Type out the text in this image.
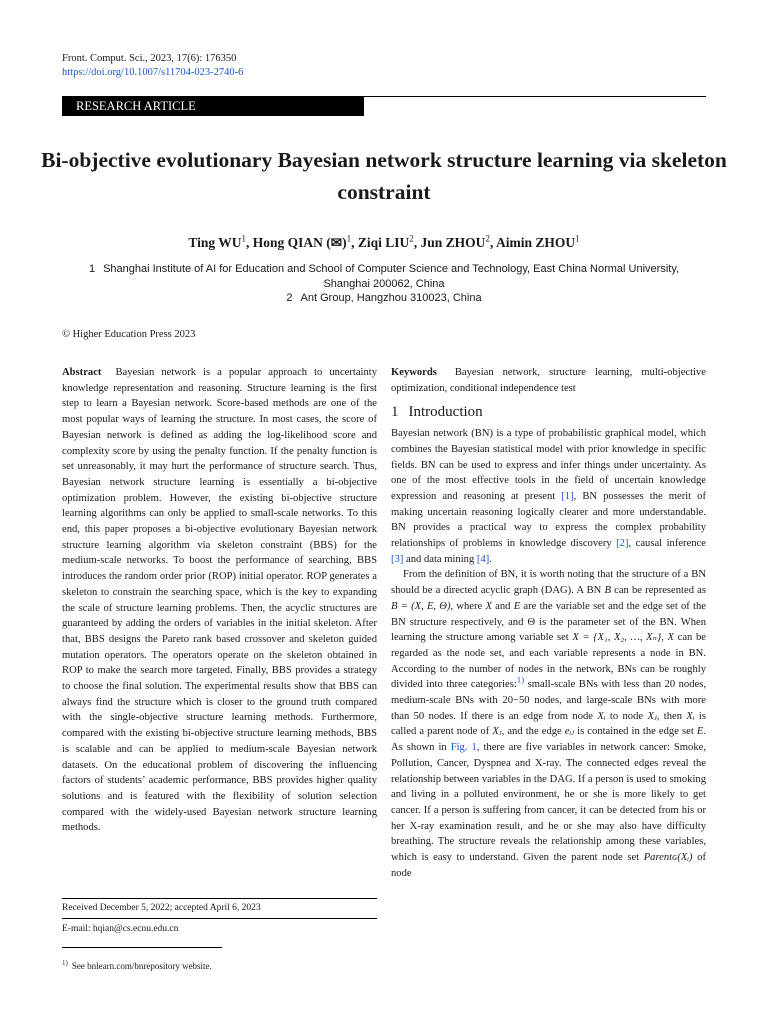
Front. Comput. Sci., 2023, 17(6): 176350
https://doi.org/10.1007/s11704-023-2740-6
RESEARCH ARTICLE
Bi-objective evolutionary Bayesian network structure learning via skeleton constraint
Ting $WU^1$, Hong QIAN (✉)$^1$, Ziqi LIU$^2$, Jun ZHOU$^2$, Aimin ZHOU$^1$
1 Shanghai Institute of AI for Education and School of Computer Science and Technology, East China Normal University,
Shanghai 200062, China
2 Ant Group, Hangzhou 310023, China
© Higher Education Press 2023

Abstract Bayesian network is a popular approach to uncertainty knowledge representation and reasoning. Structure learning is the first step to learn a Bayesian network. Score-based methods are one of the most popular ways of learning the structure. In most cases, the score of Bayesian network is defined as adding the log-likelihood score and complexity score by using the penalty function. If the penalty function is set unreasonably, it may hurt the performance of structure search. Thus, Bayesian network structure learning is essentially a bi-objective optimization problem. However, the existing bi-objective structure learning algorithms can only be applied to small-scale networks. To this end, this paper proposes a bi-objective evolutionary Bayesian network structure learning algorithm via skeleton constraint (BBS) for the medium-scale networks. To boost the performance of searching, BBS introduces the random order prior (ROP) initial operator. ROP generates a skeleton to constrain the searching space, which is the key to expanding the scale of structure learning problems. Then, the acyclic structures are guaranteed by adding the orders of variables in the initial skeleton. After that, BBS designs the Pareto rank based crossover and skeleton guided mutation operators. The operators operate on the skeleton obtained in ROP to make the search more targeted. Finally, BBS provides a strategy to choose the final solution. The experimental results show that BBS can always find the structure which is closer to the ground truth compared with the single-objective structure learning methods. Furthermore, compared with the existing bi-objective structure learning methods, BBS is scalable and can be applied to medium-scale Bayesian network datasets. On the educational problem of discovering the influencing factors of students’ academic performance, BBS provides higher quality solutions and is featured with the flexibility of solution selection compared with the widely-used Bayesian network structure learning methods.

Received December 5, 2022; accepted April 6, 2023
E-mail: hqian@cs.ecnu.edu.cn
$^{1)}$ See bnlearn.com/bnrepository website.

Keywords Bayesian network, structure learning, multi-objective optimization, conditional independence test

1 Introduction

Bayesian network (BN) is a type of probabilistic graphical model, which combines the Bayesian statistical model with prior knowledge in specific fields. BN can be used to express and infer things under uncertainty. As one of the most effective tools in the field of uncertain knowledge expression and reasoning at present [1], BN possesses the merit of making uncertain reasoning logically clearer and more understandable. BN provides a practical way to express the complex probability relationships of problems in knowledge discovery [2], causal inference [3] and data mining [4].

From the definition of BN, it is worth noting that the structure of a BN should be a directed acyclic graph (DAG). A BN B can be represented as B = (X, E, Θ), where X and E are the variable set and the edge set of the BN structure respectively, and Θ is the parameter set of the BN. When learning the structure among variable set X = {X₁, X₂, …, Xₙ}, X can be regarded as the node set, and each variable represents a node in BN. According to the number of nodes in the network, BNs can be roughly divided into three categories:$^{1)}$ small-scale BNs with less than 20 nodes, medium-scale BNs with 20−50 nodes, and large-scale BNs with more than 50 nodes. If there is an edge from node Xᵢ to node Xⱼ, then Xᵢ is called a parent node of Xⱼ, and the edge eᵢⱼ is contained in the edge set E. As shown in Fig. 1, there are five variables in network cancer: Smoke, Pollution, Cancer, Dyspnea and X-ray. The connected edges reveal the relationship between variables in the DAG. If a person is used to smoking and living in a polluted environment, he or she is more likely to get cancer. If a person is suffering from cancer, it can be detected from his or her X-ray examination result, and he or she may also have difficulty breathing. The structure reveals the relationship among these variables, which is easy to understand. Given the parent node set Parentɢ(Xᵢ) of node
